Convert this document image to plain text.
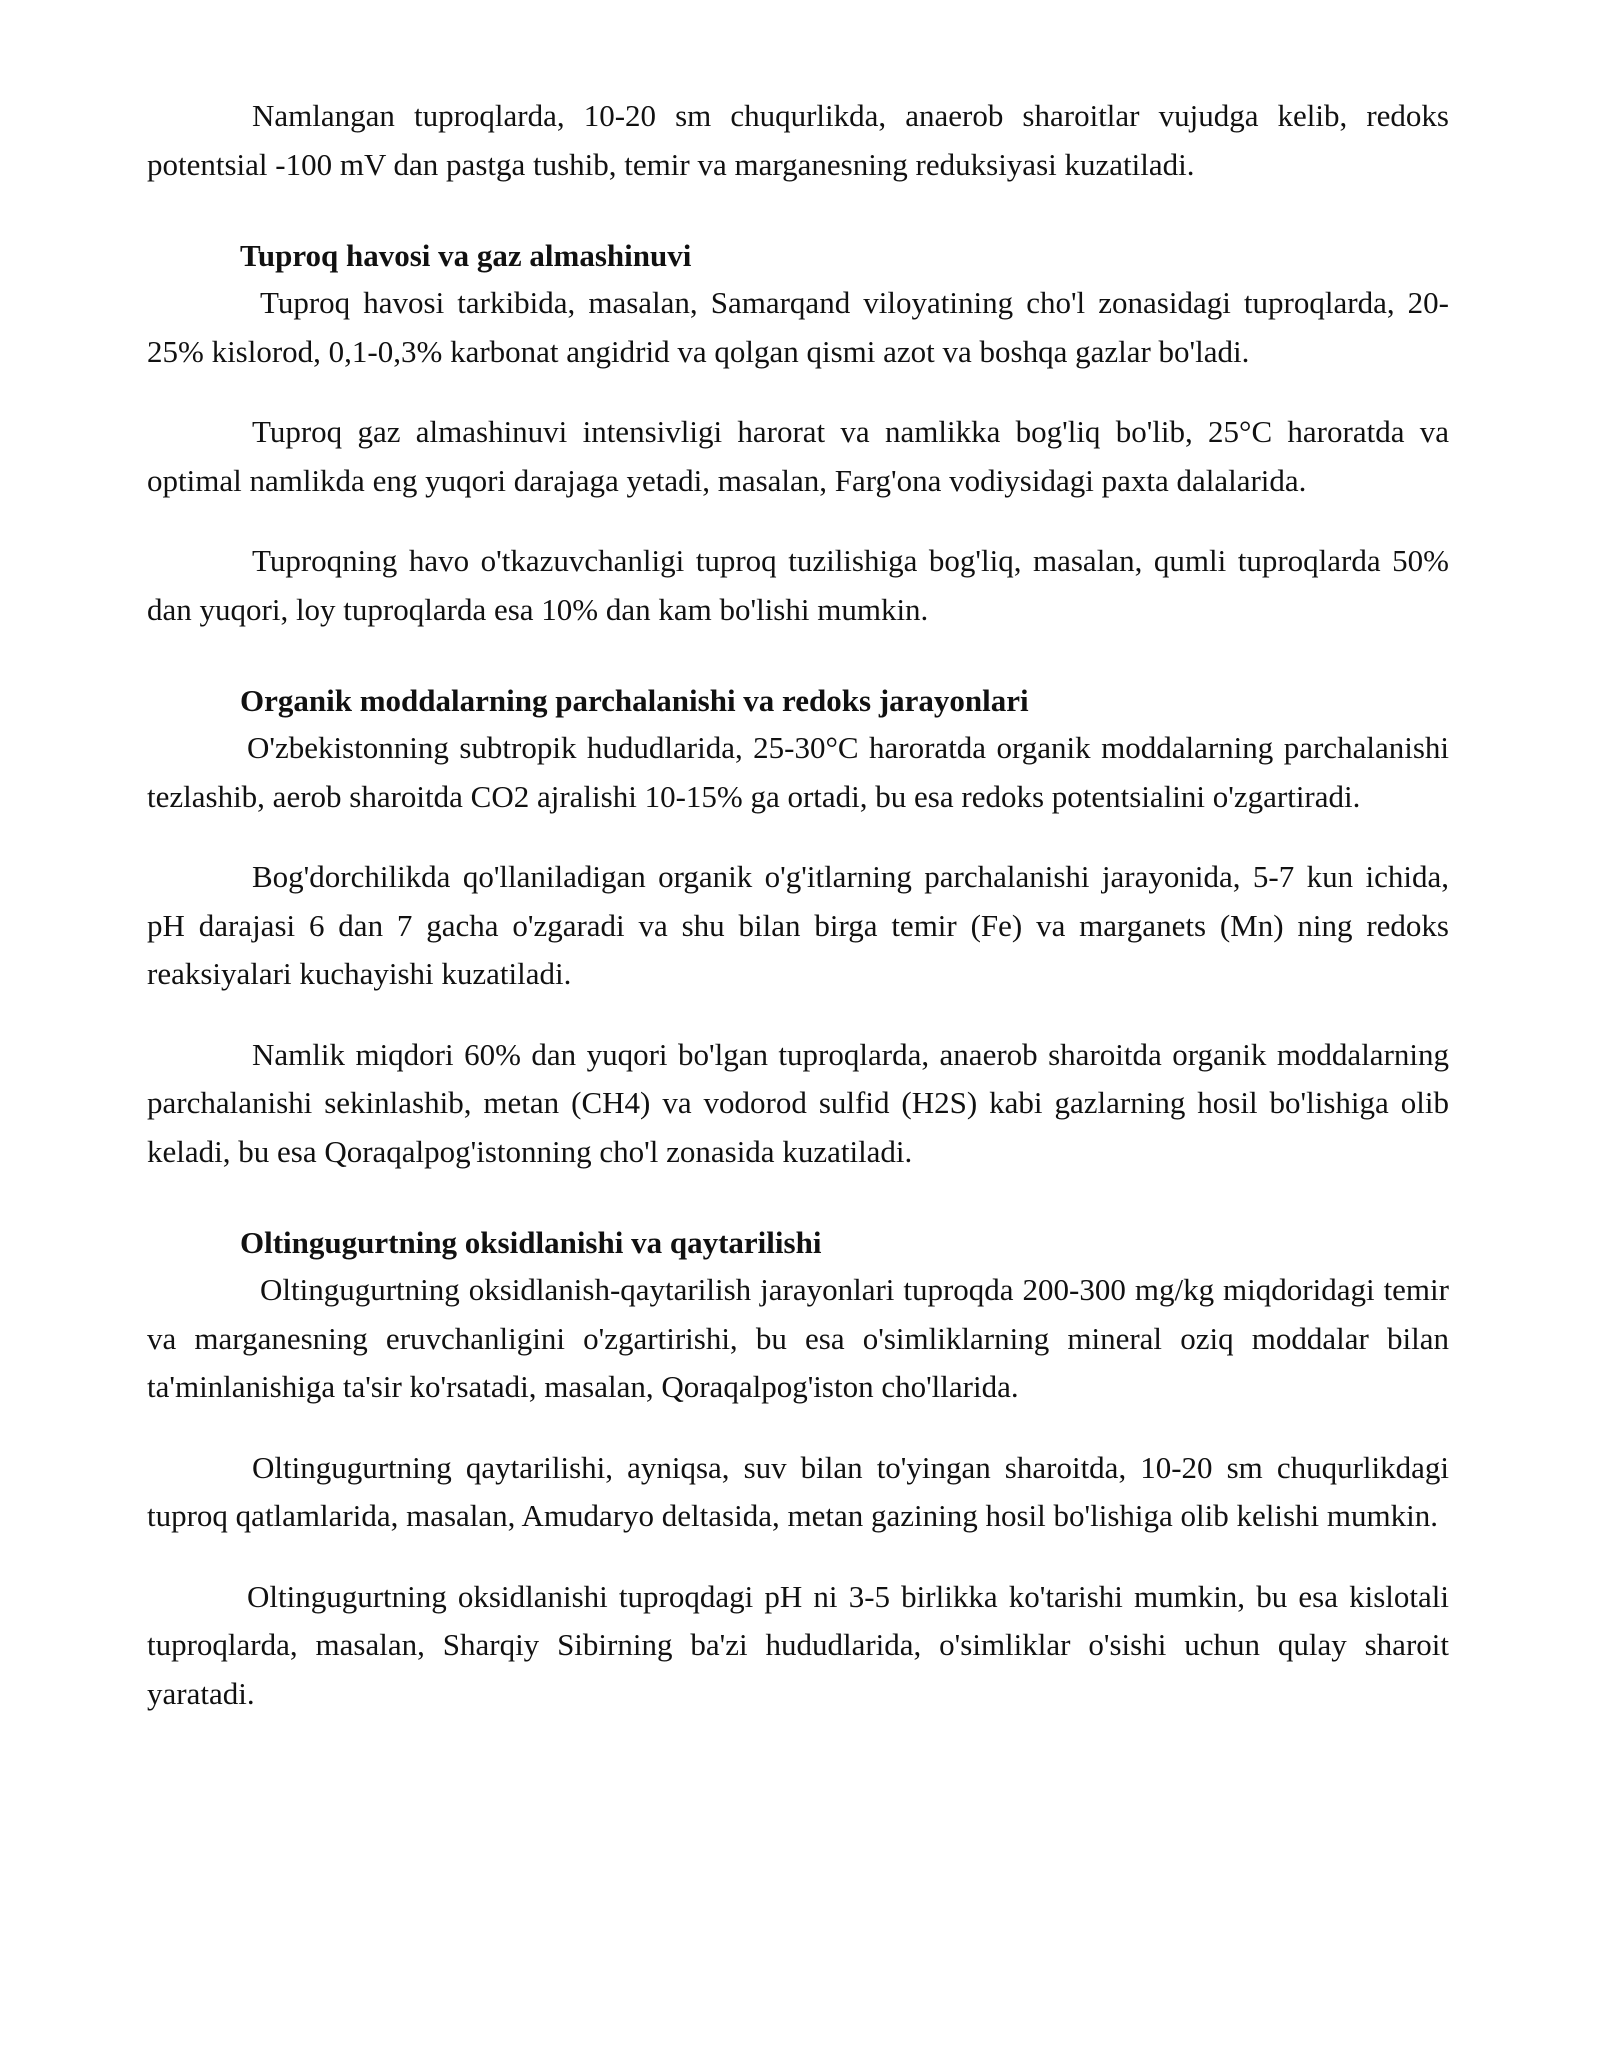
Namlangan tuproqlarda, 10-20 sm chuqurlikda, anaerob sharoitlar vujudga kelib, redoks potentsial -100 mV dan pastga tushib, temir va marganesning reduksiyasi kuzatiladi.

Tuproq havosi va gaz almashinuvi

Tuproq havosi tarkibida, masalan, Samarqand viloyatining cho'l zonasidagi tuproqlarda, 20-25% kislorod, 0,1-0,3% karbonat angidrid va qolgan qismi azot va boshqa gazlar bo'ladi.

Tuproq gaz almashinuvi intensivligi harorat va namlikka bog'liq bo'lib, 25°C haroratda va optimal namlikda eng yuqori darajaga yetadi, masalan, Farg'ona vodiysidagi paxta dalalarida.

Tuproqning havo o'tkazuvchanligi tuproq tuzilishiga bog'liq, masalan, qumli tuproqlarda 50% dan yuqori, loy tuproqlarda esa 10% dan kam bo'lishi mumkin.

Organik moddalarning parchalanishi va redoks jarayonlari

O'zbekistonning subtropik hududlarida, 25-30°C haroratda organik moddalarning parchalanishi tezlashib, aerob sharoitda CO2 ajralishi 10-15% ga ortadi, bu esa redoks potentsialini o'zgartiradi.

Bog'dorchilikda qo'llaniladigan organik o'g'itlarning parchalanishi jarayonida, 5-7 kun ichida, pH darajasi 6 dan 7 gacha o'zgaradi va shu bilan birga temir (Fe) va marganets (Mn) ning redoks reaksiyalari kuchayishi kuzatiladi.

Namlik miqdori 60% dan yuqori bo'lgan tuproqlarda, anaerob sharoitda organik moddalarning parchalanishi sekinlashib, metan (CH4) va vodorod sulfid (H2S) kabi gazlarning hosil bo'lishiga olib keladi, bu esa Qoraqalpog'istonning cho'l zonasida kuzatiladi.

Oltingugurtning oksidlanishi va qaytarilishi

Oltingugurtning oksidlanish-qaytarilish jarayonlari tuproqda 200-300 mg/kg miqdoridagi temir va marganesning eruvchanligini o'zgartirishi, bu esa o'simliklarning mineral oziq moddalar bilan ta'minlanishiga ta'sir ko'rsatadi, masalan, Qoraqalpog'iston cho'llarida.

Oltingugurtning qaytarilishi, ayniqsa, suv bilan to'yingan sharoitda, 10-20 sm chuqurlikdagi tuproq qatlamlarida, masalan, Amudaryo deltasida, metan gazining hosil bo'lishiga olib kelishi mumkin.

Oltingugurtning oksidlanishi tuproqdagi pH ni 3-5 birlikka ko'tarishi mumkin, bu esa kislotali tuproqlarda, masalan, Sharqiy Sibirning ba'zi hududlarida, o'simliklar o'sishi uchun qulay sharoit yaratadi.
